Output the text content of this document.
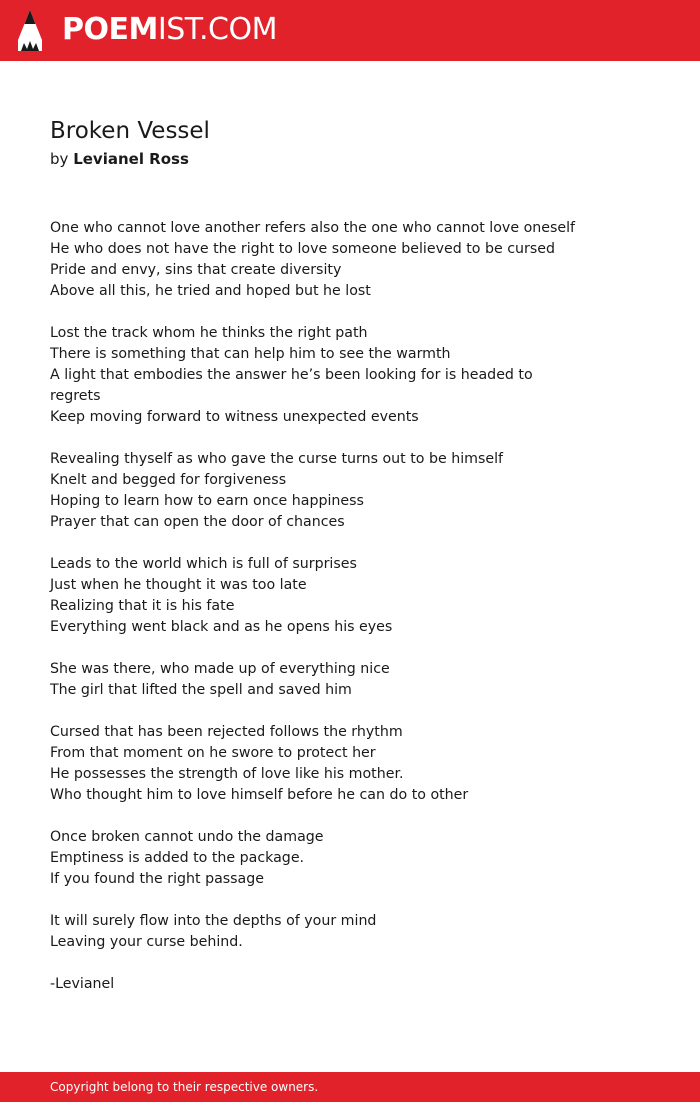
POEMIST.COM
Broken Vessel
by Levianel Ross
One who cannot love another refers also the one who cannot love oneself
He who does not have the right to love someone believed to be cursed
Pride and envy, sins that create diversity
Above all this, he tried and hoped but he lost
Lost the track whom he thinks the right path
There is something that can help him to see the warmth
A light that embodies the answer he’s been looking for is headed to
regrets
Keep moving forward to witness unexpected events
Revealing thyself as who gave the curse turns out to be himself
Knelt and begged for forgiveness
Hoping to learn how to earn once happiness
Prayer that can open the door of chances
Leads to the world which is full of surprises
Just when he thought it was too late
Realizing that it is his fate
Everything went black and as he opens his eyes
She was there, who made up of everything nice
The girl that lifted the spell and saved him
Cursed that has been rejected follows the rhythm
From that moment on he swore to protect her
He possesses the strength of love like his mother.
Who thought him to love himself before he can do to other
Once broken cannot undo the damage
Emptiness is added to the package.
If you found the right passage
It will surely flow into the depths of your mind
Leaving your curse behind.
-Levianel
Copyright belong to their respective owners.
